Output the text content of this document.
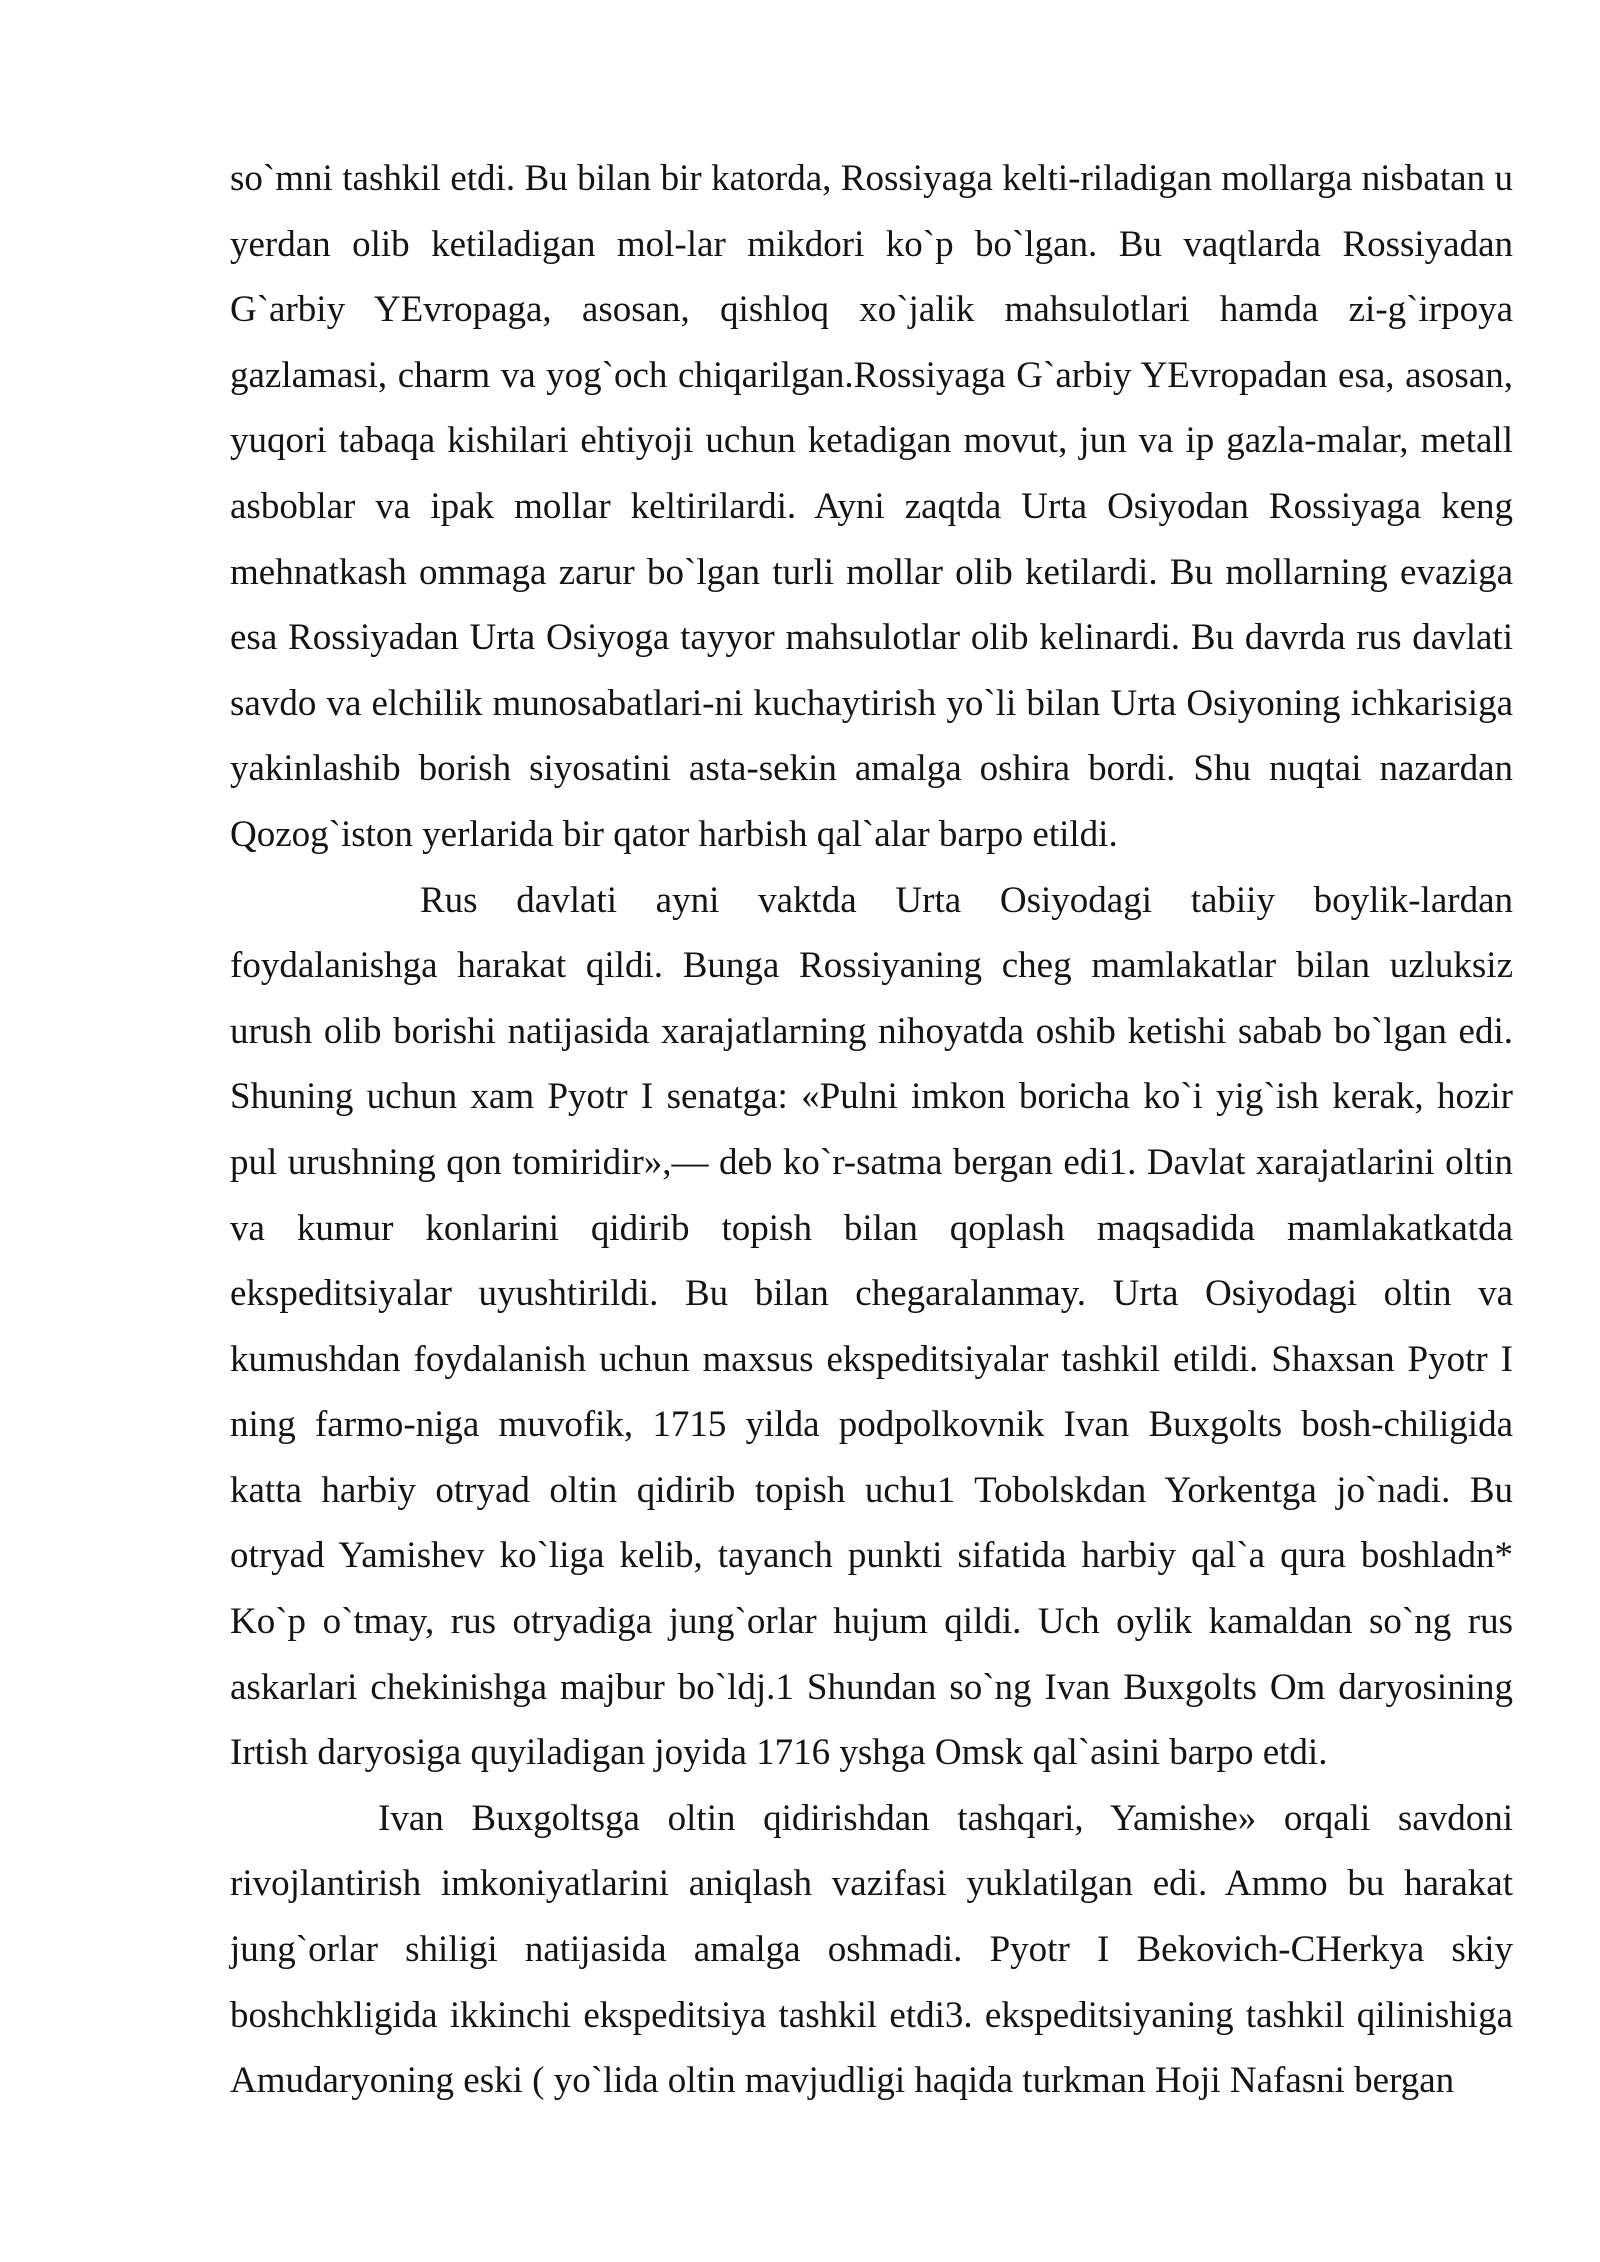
so`mni tashkil etdi. Bu bilan bir katorda, Rossiyaga kelti-riladigan mollarga nisbatan u yerdan olib ketiladigan mol-lar mikdori ko`p bo`lgan. Bu vaqtlarda Rossiyadan G`arbiy YEvropaga, asosan, qishloq xo`jalik mahsulotlari hamda zi-g`irpoya gazlamasi, charm va yog`och chiqarilgan.Rossiyaga G`arbiy YEvropadan esa, asosan, yuqori tabaqa kishilari ehtiyoji uchun ketadigan movut, jun va ip gazla-malar, metall asboblar va ipak mollar keltirilardi. Ayni zaqtda Urta Osiyodan Rossiyaga keng mehnatkash ommaga zarur bo`lgan turli mollar olib ketilardi. Bu mollarning evaziga esa Rossiyadan Urta Osiyoga tayyor mahsulotlar olib kelinardi. Bu davrda rus davlati savdo va elchilik munosabatlari-ni kuchaytirish yo`li bilan Urta Osiyoning ichkarisiga yakinlashib borish siyosatini asta-sekin amalga oshira bordi. Shu nuqtai nazardan Qozog`iston yerlarida bir qator harbish qal`alar barpo etildi.

Rus davlati ayni vaktda Urta Osiyodagi tabiiy boylik-lardan foydalanishga harakat qildi. Bunga Rossiyaning cheg mamlakatlar bilan uzluksiz urush olib borishi natijasida xarajatlarning nihoyatda oshib ketishi sabab bo`lgan edi. Shuning uchun xam Pyotr I senatga: «Pulni imkon boricha ko`i yig`ish kerak, hozir pul urushning qon tomiridir»,— deb ko`r-satma bergan edi1. Davlat xarajatlarini oltin va kumur konlarini qidirib topish bilan qoplash maqsadida mamlakatkatda ekspeditsiyalar uyushtirildi. Bu bilan chegaralanmay. Urta Osiyodagi oltin va kumushdan foydalanish uchun maxsus ekspeditsiyalar tashkil etildi. Shaxsan Pyotr I ning farmo-niga muvofik, 1715 yilda podpolkovnik Ivan Buxgolts bosh-chiligida katta harbiy otryad oltin qidirib topish uchu1 Tobolskdan Yorkentga jo`nadi. Bu otryad Yamishev ko`liga kelib, tayanch punkti sifatida harbiy qal`a qura boshladn* Ko`p o`tmay, rus otryadiga jung`orlar hujum qildi. Uch oylik kamaldan so`ng rus askarlari chekinishga majbur bo`ldj.1 Shundan so`ng Ivan Buxgolts Om daryosining Irtish daryosiga quyiladigan joyida 1716 yshga Omsk qal`asini barpo etdi.

Ivan Buxgoltsga oltin qidirishdan tashqari, Yamishe» orqali savdoni rivojlantirish imkoniyatlarini aniqlash vazifasi yuklatilgan edi. Ammo bu harakat jung`orlar shiligi natijasida amalga oshmadi. Pyotr I Bekovich-CHerkya skiy boshchkligida ikkinchi ekspeditsiya tashkil etdi3. ekspeditsiyaning tashkil qilinishiga Amudaryoning eski ( yo`lida oltin mavjudligi haqida turkman Hoji Nafasni bergan
